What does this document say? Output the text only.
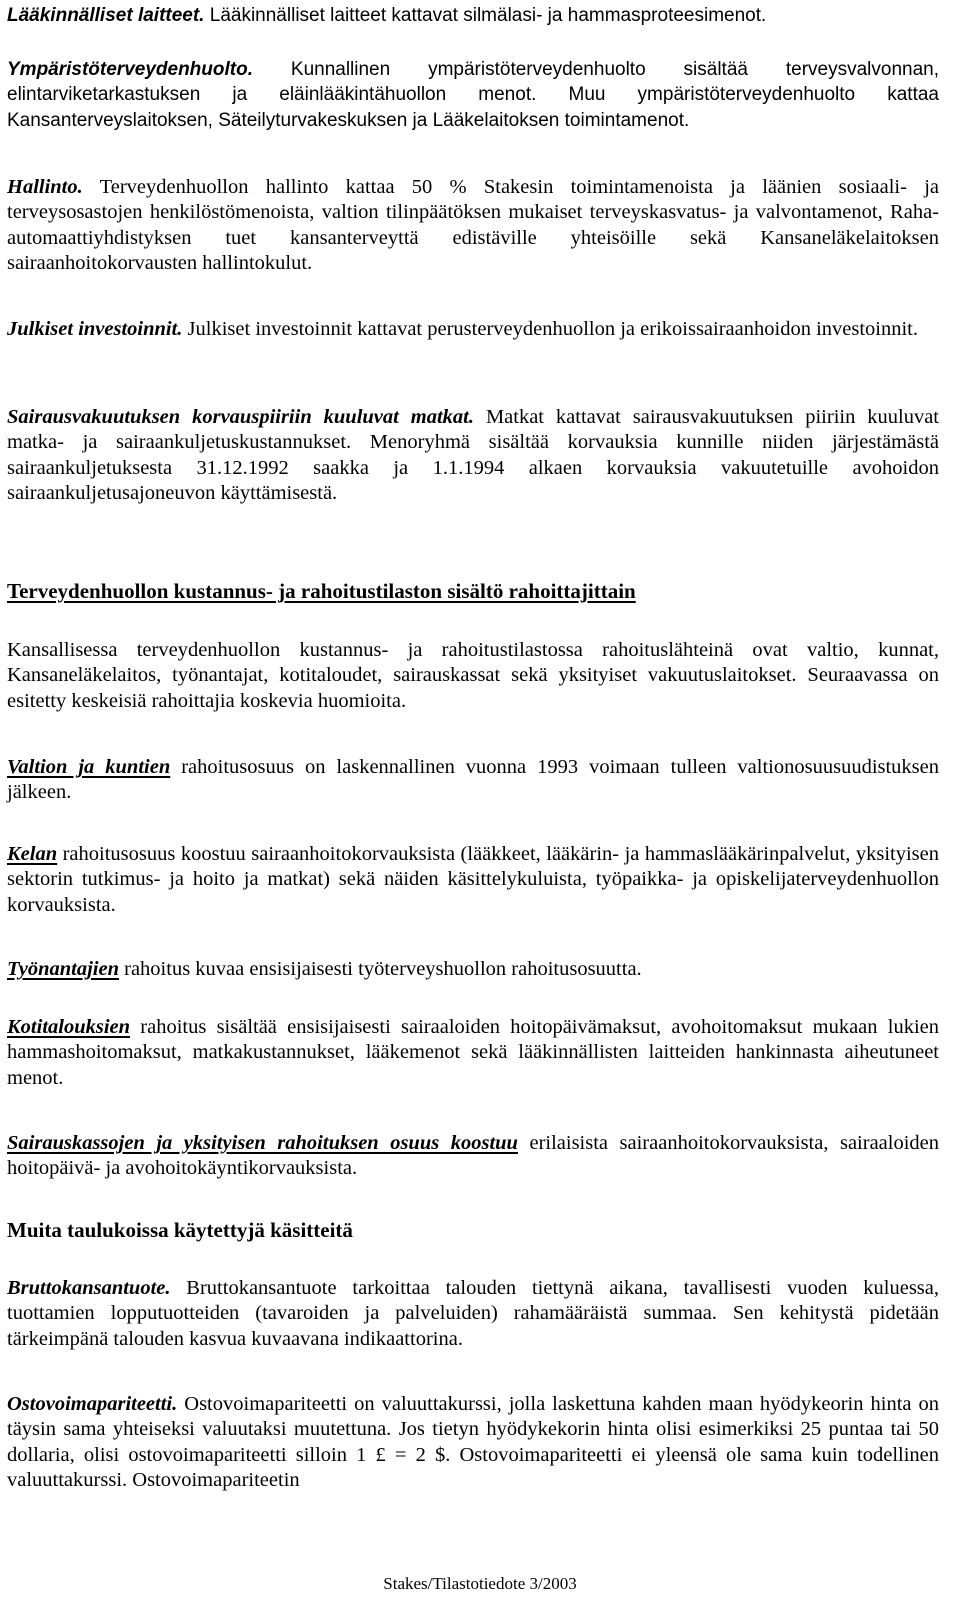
Lääkinnälliset laitteet. Lääkinnälliset laitteet kattavat silmälasi- ja hammasproteesimenot.

Ympäristöterveydenhuolto. Kunnallinen ympäristöterveydenhuolto sisältää terveysvalvonnan, elintarviketarkastuksen ja eläinlääkintähuollon menot. Muu ympäristöterveydenhuolto kattaa Kansanterveyslaitoksen, Säteilyturvakeskuksen ja Lääkelaitoksen toimintamenot.

Hallinto. Terveydenhuollon hallinto kattaa 50 % Stakesin toimintamenoista ja läänien sosiaali- ja terveysosastojen henkilöstömenoista, valtion tilinpäätöksen mukaiset terveyskasvatus- ja valvontamenot, Raha-automaattiyhdistyksen tuet kansanterveyttä edistäville yhteisöille sekä Kansaneläkelaitoksen sairaanhoitokorvausten hallintokulut.

Julkiset investoinnit. Julkiset investoinnit kattavat perusterveydenhuollon ja erikoissairaanhoidon investoinnit.

Sairausvakuutuksen korvauspiiriin kuuluvat matkat. Matkat kattavat sairausvakuutuksen piiriin kuuluvat matka- ja sairaankuljetuskustannukset. Menoryhmä sisältää korvauksia kunnille niiden järjestämästä sairaankuljetuksesta 31.12.1992 saakka ja 1.1.1994 alkaen korvauksia vakuutetuille avohoidon sairaankuljetusajoneuvon käyttämisestä.

Terveydenhuollon kustannus- ja rahoitustilaston sisältö rahoittajittain

Kansallisessa terveydenhuollon kustannus- ja rahoitustilastossa rahoituslähteinä ovat valtio, kunnat, Kansaneläkelaitos, työnantajat, kotitaloudet, sairauskassat sekä yksityiset vakuutuslaitokset. Seuraavassa on esitetty keskeisiä rahoittajia koskevia huomioita.

Valtion ja kuntien rahoitusosuus on laskennallinen vuonna 1993 voimaan tulleen valtionosuusuudistuksen jälkeen.

Kelan rahoitusosuus koostuu sairaanhoitokorvauksista (lääkkeet, lääkärin- ja hammaslääkärinpalvelut, yksityisen sektorin tutkimus- ja hoito ja matkat) sekä näiden käsittelykuluista, työpaikka- ja opiskelijaterveydenhuollon korvauksista.

Työnantajien rahoitus kuvaa ensisijaisesti työterveyshuollon rahoitusosuutta.

Kotitalouksien rahoitus sisältää ensisijaisesti sairaaloiden hoitopäivämaksut, avohoitomaksut mukaan lukien hammashoitomaksut, matkakustannukset, lääkemenot sekä lääkinnällisten laitteiden hankinnasta aiheutuneet menot.

Sairauskassojen ja yksityisen rahoituksen osuus koostuu erilaisista sairaanhoitokorvauksista, sairaaloiden hoitopäivä- ja avohoitokäyntikorvauksista.

Muita taulukoissa käytettyjä käsitteitä

Bruttokansantuote. Bruttokansantuote tarkoittaa talouden tiettynä aikana, tavallisesti vuoden kuluessa, tuottamien lopputuotteiden (tavaroiden ja palveluiden) rahamääräistä summaa. Sen kehitystä pidetään tärkeimpänä talouden kasvua kuvaavana indikaattorina.

Ostovoimapariteetti. Ostovoimapariteetti on valuuttakurssi, jolla laskettuna kahden maan hyödykeorin hinta on täysin sama yhteiseksi valuutaksi muutettuna. Jos tietyn hyödykekorin hinta olisi esimerkiksi 25 puntaa tai 50 dollaria, olisi ostovoimapariteetti silloin 1 £ = 2 $. Ostovoimapariteetti ei yleensä ole sama kuin todellinen valuuttakurssi. Ostovoimapariteetin

Stakes/Tilastotiedote 3/2003
